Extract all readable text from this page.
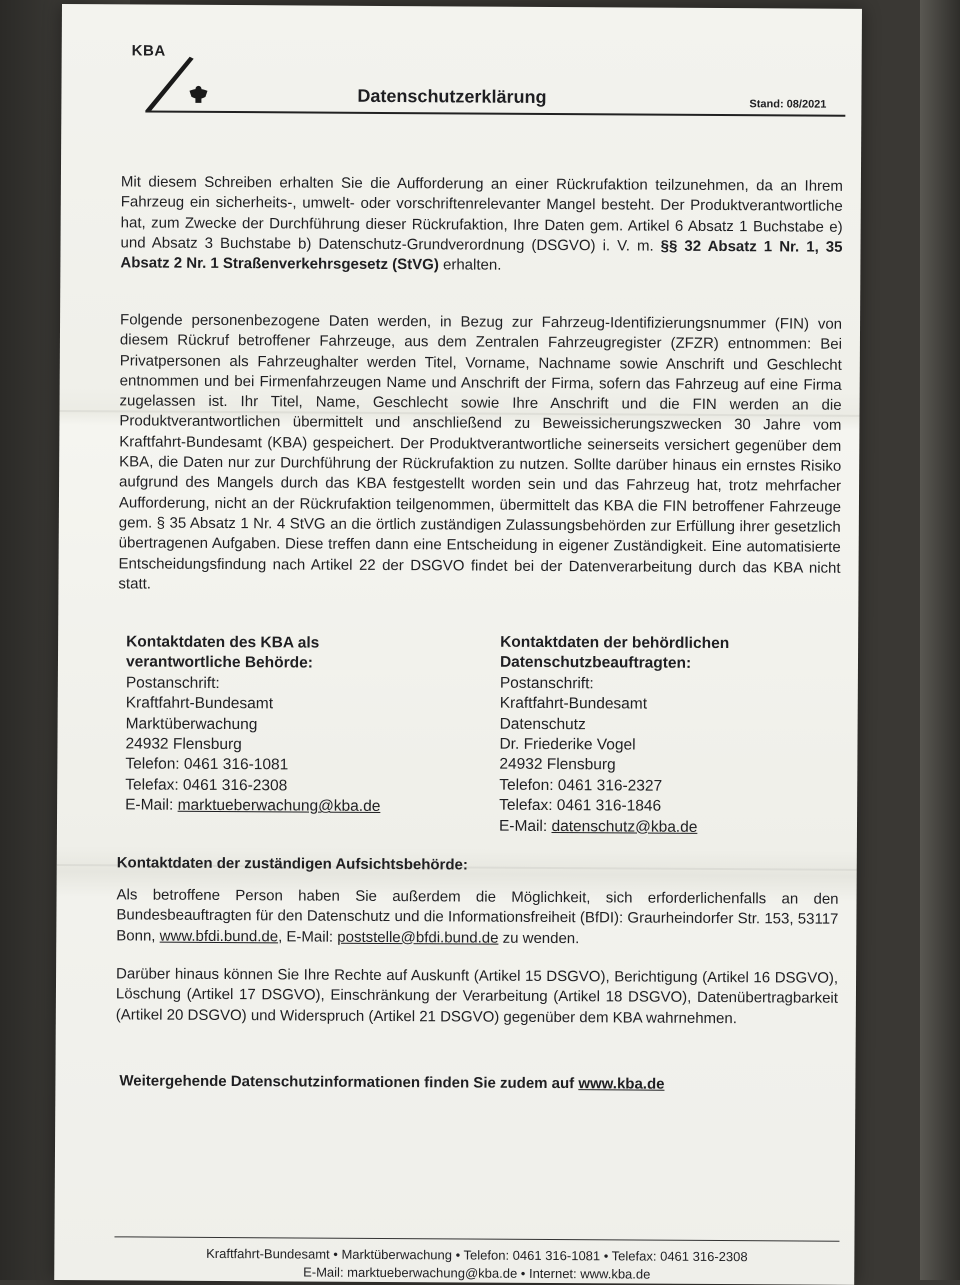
KBA
Datenschutzerklärung	Stand: 08/2021
Mit diesem Schreiben erhalten Sie die Aufforderung an einer Rückrufaktion teilzunehmen, da an Ihrem Fahrzeug ein sicherheits-, umwelt- oder vorschriftenrelevanter Mangel besteht. Der Produktverantwortliche hat, zum Zwecke der Durchführung dieser Rückrufaktion, Ihre Daten gem. Artikel 6 Absatz 1 Buchstabe e) und Absatz 3 Buchstabe b) Datenschutz-Grundverordnung (DSGVO) i. V. m. §§ 32 Absatz 1 Nr. 1, 35 Absatz 2 Nr. 1 Straßenverkehrsgesetz (StVG) erhalten.
Folgende personenbezogene Daten werden, in Bezug zur Fahrzeug-Identifizierungsnummer (FIN) von diesem Rückruf betroffener Fahrzeuge, aus dem Zentralen Fahrzeugregister (ZFZR) entnommen: Bei Privatpersonen als Fahrzeughalter werden Titel, Vorname, Nachname sowie Anschrift und Geschlecht entnommen und bei Firmenfahrzeugen Name und Anschrift der Firma, sofern das Fahrzeug auf eine Firma zugelassen ist. Ihr Titel, Name, Geschlecht sowie Ihre Anschrift und die FIN werden an die Produktverantwortlichen übermittelt und anschließend zu Beweissicherungszwecken 30 Jahre vom Kraftfahrt-Bundesamt (KBA) gespeichert. Der Produktverantwortliche seinerseits versichert gegenüber dem KBA, die Daten nur zur Durchführung der Rückrufaktion zu nutzen. Sollte darüber hinaus ein ernstes Risiko aufgrund des Mangels durch das KBA festgestellt worden sein und das Fahrzeug hat, trotz mehrfacher Aufforderung, nicht an der Rückrufaktion teilgenommen, übermittelt das KBA die FIN betroffener Fahrzeuge gem. § 35 Absatz 1 Nr. 4 StVG an die örtlich zuständigen Zulassungsbehörden zur Erfüllung ihrer gesetzlich übertragenen Aufgaben. Diese treffen dann eine Entscheidung in eigener Zuständigkeit. Eine automatisierte Entscheidungsfindung nach Artikel 22 der DSGVO findet bei der Datenverarbeitung durch das KBA nicht statt.
Kontaktdaten des KBA als
verantwortliche Behörde:
Postanschrift:
Kraftfahrt-Bundesamt
Marktüberwachung
24932 Flensburg
Telefon: 0461 316-1081
Telefax: 0461 316-2308
E-Mail: marktueberwachung@kba.de
Kontaktdaten der behördlichen
Datenschutzbeauftragten:
Postanschrift:
Kraftfahrt-Bundesamt
Datenschutz
Dr. Friederike Vogel
24932 Flensburg
Telefon: 0461 316-2327
Telefax: 0461 316-1846
E-Mail: datenschutz@kba.de
Kontaktdaten der zuständigen Aufsichtsbehörde:
Als betroffene Person haben Sie außerdem die Möglichkeit, sich erforderlichenfalls an den Bundesbeauftragten für den Datenschutz und die Informationsfreiheit (BfDI): Graurheindorfer Str. 153, 53117 Bonn, www.bfdi.bund.de, E-Mail: poststelle@bfdi.bund.de zu wenden.
Darüber hinaus können Sie Ihre Rechte auf Auskunft (Artikel 15 DSGVO), Berichtigung (Artikel 16 DSGVO), Löschung (Artikel 17 DSGVO), Einschränkung der Verarbeitung (Artikel 18 DSGVO), Datenübertragbarkeit (Artikel 20 DSGVO) und Widerspruch (Artikel 21 DSGVO) gegenüber dem KBA wahrnehmen.
Weitergehende Datenschutzinformationen finden Sie zudem auf www.kba.de
Kraftfahrt-Bundesamt • Marktüberwachung • Telefon: 0461 316-1081 • Telefax: 0461 316-2308
E-Mail: marktueberwachung@kba.de • Internet: www.kba.de
